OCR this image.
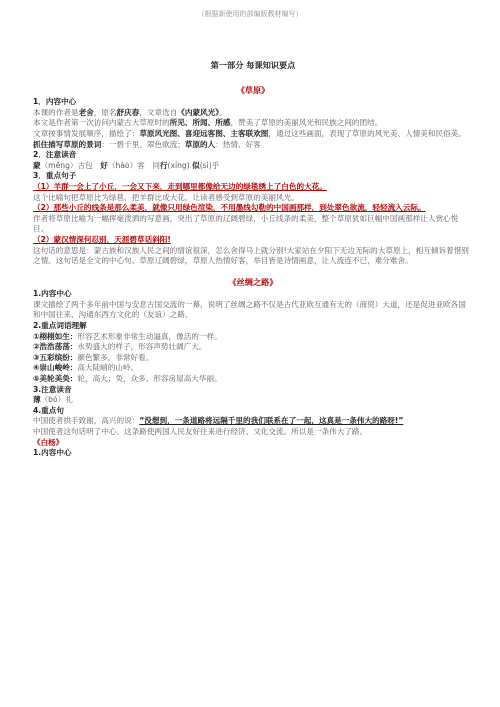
（根据新使用的部编版教材编写）

第一部分 每课知识要点

《草原》

1．内容中心

本课的作者是老舍，原名舒庆春，文章选自《内蒙风光》。

本文是作者第一次访问内蒙古大草原时的所见、所闻、所感，赞美了草原的美丽风光和民族之间的团结。

文章按事情发展顺序，描绘了：草原风光图、喜迎远客图、主客联欢图，通过这些画面，表现了草原的风光美、人情美和民俗美。

抓住描写草原的景词：一碧千里、翠色欲流；草原的人：热情、好客

2．注意读音

蒙（měng）古包　好（hào）客　同行(xíng) 似(sì)乎

3．重点句子

（1）羊群一会上了小丘，一会又下来，走到哪里都像给无边的绿毯绣上了白色的大花。

这个比喻句把草原比为绿毯，把羊群比成大花，让读者感受到草原的美丽风光。

（2）那些小丘的线条是那么柔美，就像只用绿色渲染，不用墨线勾勒的中国画那样，到处翠色欲流，轻轻流入云际。

作者将草原比喻为一幅挥毫泼洒的写意画，突出了草原的辽阔碧绿，小丘线条的柔美，整个草原犹如巨幅中国画那样让人赏心悦目。

（2）蒙汉情深何忍别，天涯碧草话斜阳!

这句话的意思是：蒙古族和汉族人民之间的情谊很深，怎么舍得马上就分别!大家站在夕阳下无边无际的大草原上，相互倾诉着惜别之情。这句话是全文的中心句。草原辽阔碧绿，草原人热情好客，举目皆是诗情画意，让人流连不已，难分难舍。

《丝绸之路》

1.内容中心

课文描绘了两千多年前中国与安息古国交流的一幕，说明了丝绸之路不仅是古代亚欧互通有无的（商贸）大道，还是促进亚欧各国和中国往来、沟通东西方文化的（友谊）之路。

2.重点词语理解

①栩栩如生：形容艺术形象非常生动逼真，像活的一样。

②浩浩荡荡：水势盛大的样子，形容声势壮阔广大。

③五彩缤纷：颜色繁多，非常好看。

④崇山峻岭：高大陡峭的山岭。

⑤美轮美奂：轮，高大；奂，众多。形容房屋高大华丽。

3.注意读音

薄（bó）礼

4.重点句

中国使者拱手致谢，高兴的说：“没想到，一条道路将远隔千里的我们联系在了一起，这真是一条伟大的路呀!”

中国使者这句话明了中心。这条路使两国人民友好往来进行经济、文化交流。所以是一条伟大了路。

《白杨》

1.内容中心
